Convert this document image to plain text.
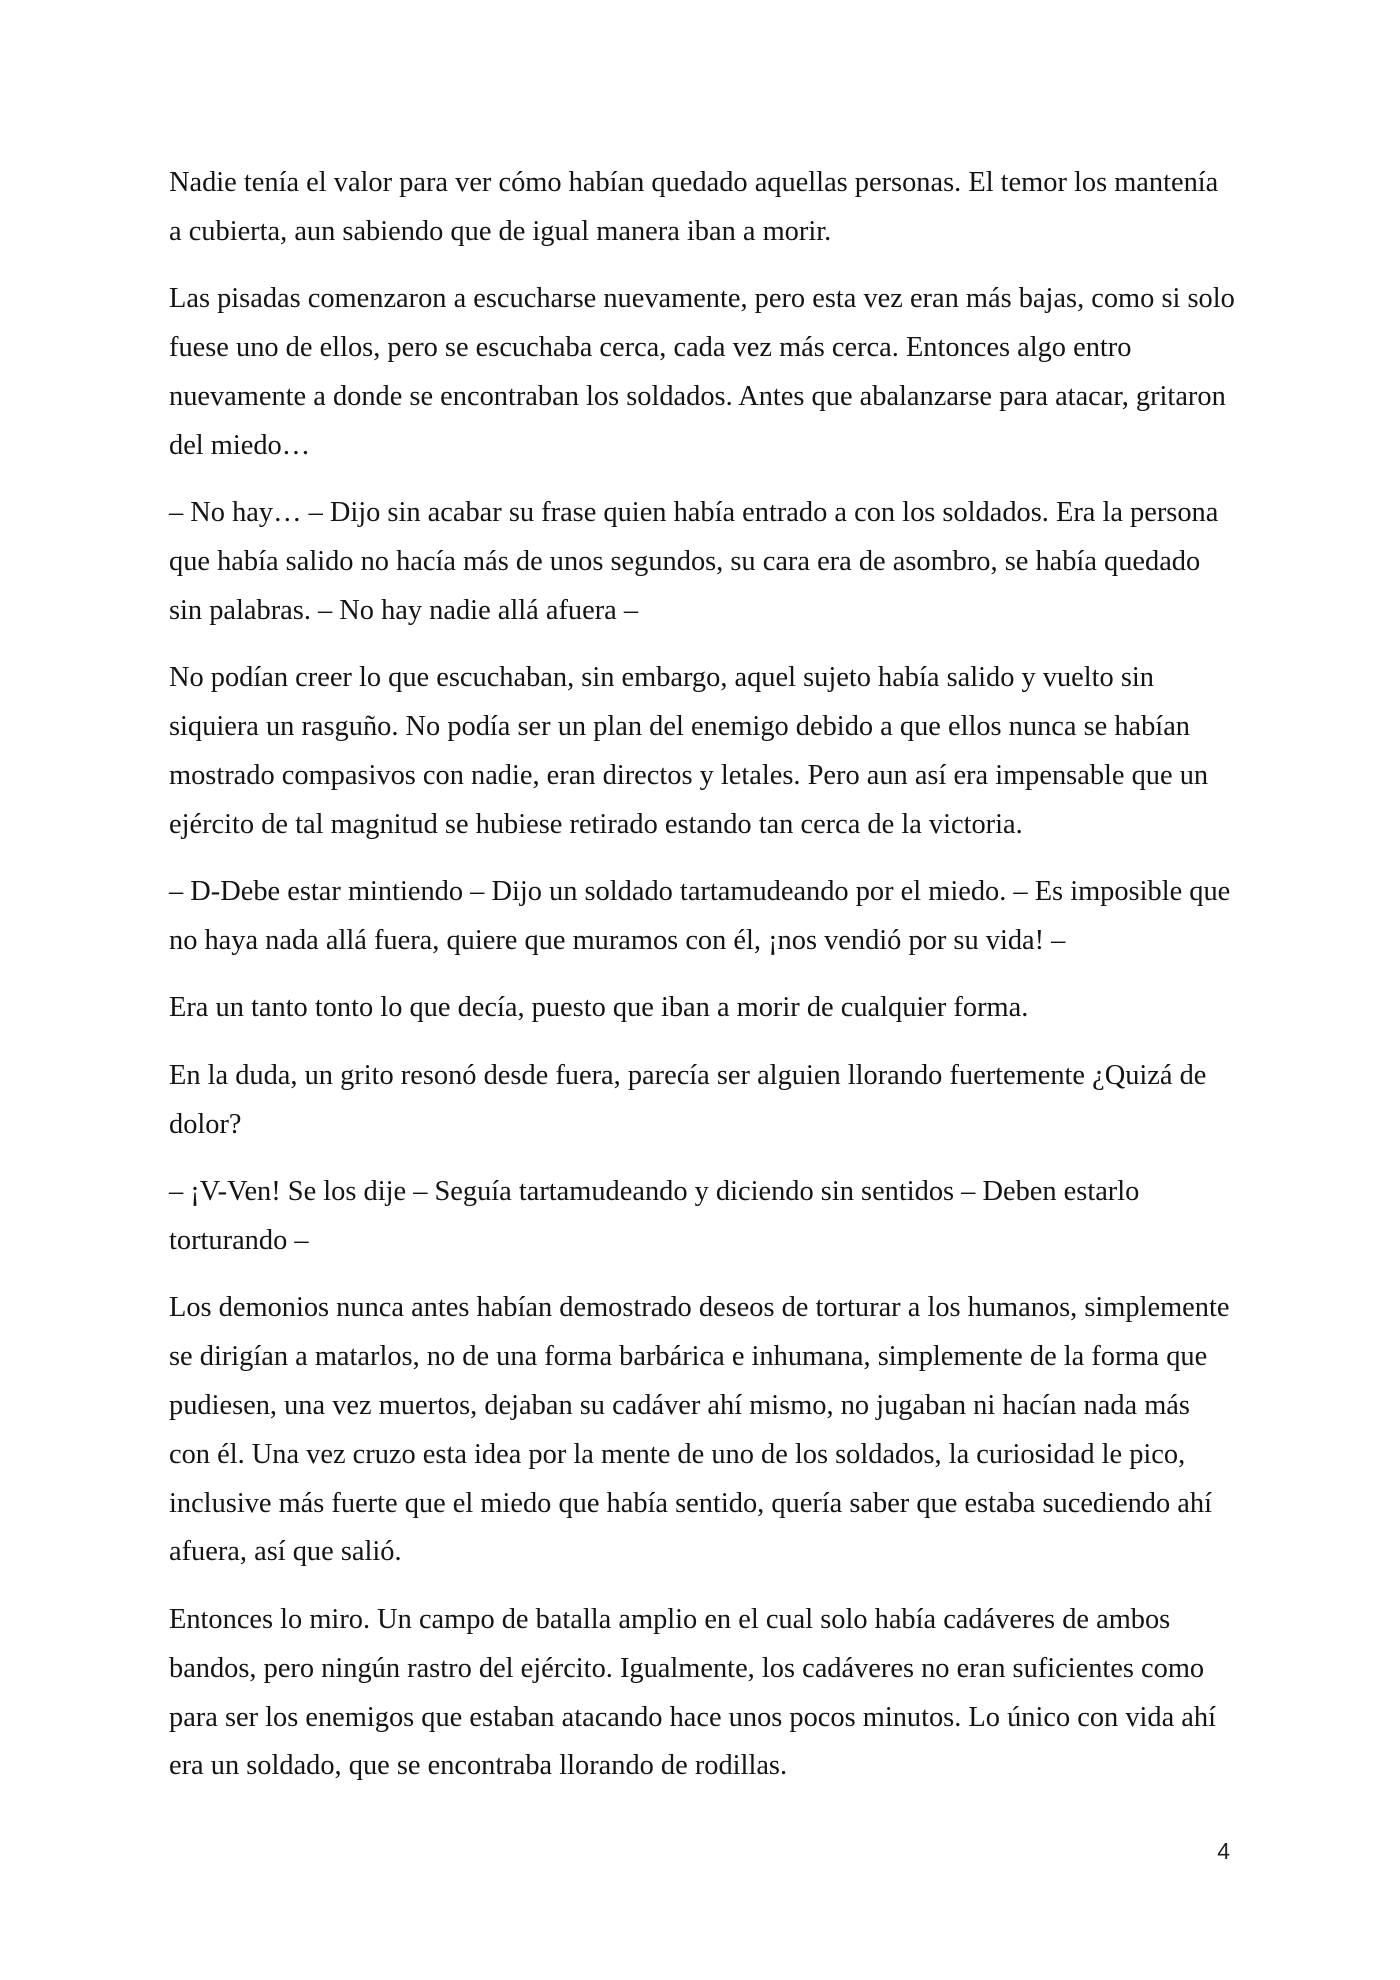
Nadie tenía el valor para ver cómo habían quedado aquellas personas. El temor los mantenía
a cubierta, aun sabiendo que de igual manera iban a morir.
Las pisadas comenzaron a escucharse nuevamente, pero esta vez eran más bajas, como si solo
fuese uno de ellos, pero se escuchaba cerca, cada vez más cerca. Entonces algo entro
nuevamente a donde se encontraban los soldados. Antes que abalanzarse para atacar, gritaron
del miedo…
– No hay… – Dijo sin acabar su frase quien había entrado a con los soldados. Era la persona
que había salido no hacía más de unos segundos, su cara era de asombro, se había quedado
sin palabras. – No hay nadie allá afuera –
No podían creer lo que escuchaban, sin embargo, aquel sujeto había salido y vuelto sin
siquiera un rasguño. No podía ser un plan del enemigo debido a que ellos nunca se habían
mostrado compasivos con nadie, eran directos y letales. Pero aun así era impensable que un
ejército de tal magnitud se hubiese retirado estando tan cerca de la victoria.
– D-Debe estar mintiendo – Dijo un soldado tartamudeando por el miedo. – Es imposible que
no haya nada allá fuera, quiere que muramos con él, ¡nos vendió por su vida! –
Era un tanto tonto lo que decía, puesto que iban a morir de cualquier forma.
En la duda, un grito resonó desde fuera, parecía ser alguien llorando fuertemente ¿Quizá de
dolor?
– ¡V-Ven! Se los dije – Seguía tartamudeando y diciendo sin sentidos – Deben estarlo
torturando –
Los demonios nunca antes habían demostrado deseos de torturar a los humanos, simplemente
se dirigían a matarlos, no de una forma barbárica e inhumana, simplemente de la forma que
pudiesen, una vez muertos, dejaban su cadáver ahí mismo, no jugaban ni hacían nada más
con él. Una vez cruzo esta idea por la mente de uno de los soldados, la curiosidad le pico,
inclusive más fuerte que el miedo que había sentido, quería saber que estaba sucediendo ahí
afuera, así que salió.
Entonces lo miro. Un campo de batalla amplio en el cual solo había cadáveres de ambos
bandos, pero ningún rastro del ejército. Igualmente, los cadáveres no eran suficientes como
para ser los enemigos que estaban atacando hace unos pocos minutos. Lo único con vida ahí
era un soldado, que se encontraba llorando de rodillas.
4
